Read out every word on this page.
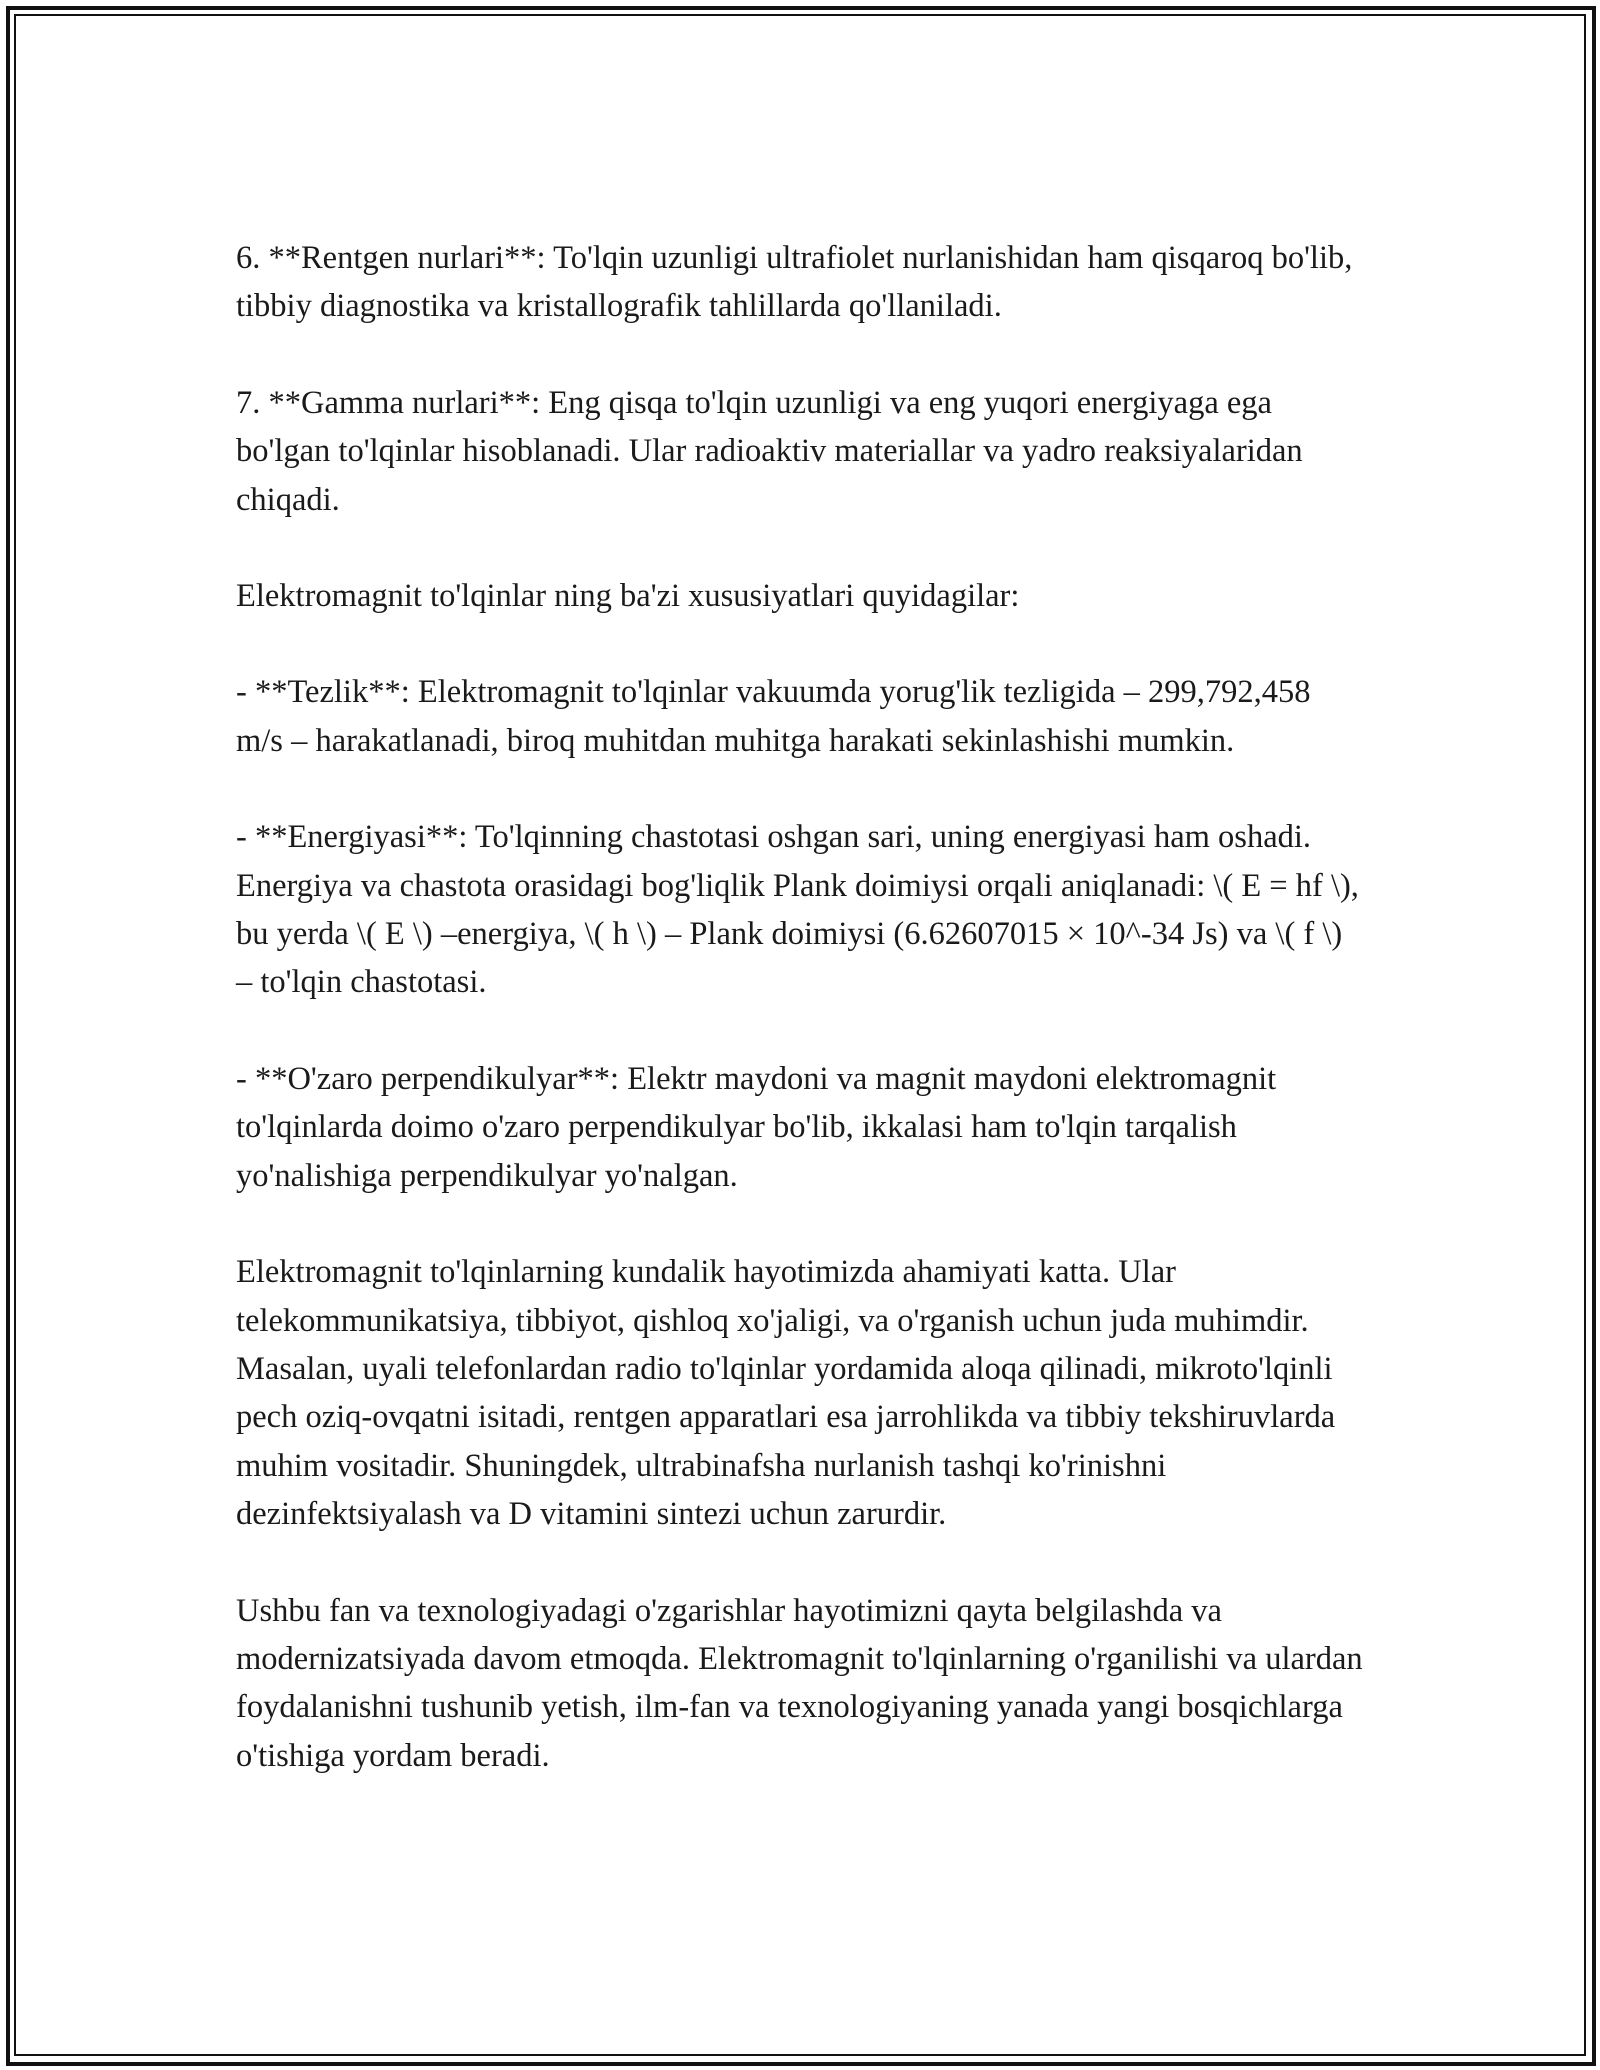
6. **Rentgen nurlari**: To'lqin uzunligi ultrafiolet nurlanishidan ham qisqaroq bo'lib, tibbiy diagnostika va kristallografik tahlillarda qo'llaniladi.

7. **Gamma nurlari**: Eng qisqa to'lqin uzunligi va eng yuqori energiyaga ega bo'lgan to'lqinlar hisoblanadi. Ular radioaktiv materiallar va yadro reaksiyalaridan chiqadi.

Elektromagnit to'lqinlar ning ba'zi xususiyatlari quyidagilar:

- **Tezlik**: Elektromagnit to'lqinlar vakuumda yorug'lik tezligida – 299,792,458 m/s – harakatlanadi, biroq muhitdan muhitga harakati sekinlashishi mumkin.

- **Energiyasi**: To'lqinning chastotasi oshgan sari, uning energiyasi ham oshadi. Energiya va chastota orasidagi bog'liqlik Plank doimiysi orqali aniqlanadi: \( E = hf \), bu yerda \( E \) –energiya, \( h \) – Plank doimiysi (6.62607015 × 10^-34 Js) va \( f \) – to'lqin chastotasi.

- **O'zaro perpendikulyar**: Elektr maydoni va magnit maydoni elektromagnit to'lqinlarda doimo o'zaro perpendikulyar bo'lib, ikkalasi ham to'lqin tarqalish yo'nalishiga perpendikulyar yo'nalgan.

Elektromagnit to'lqinlarning kundalik hayotimizda ahamiyati katta. Ular telekommunikatsiya, tibbiyot, qishloq xo'jaligi, va o'rganish uchun juda muhimdir. Masalan, uyali telefonlardan radio to'lqinlar yordamida aloqa qilinadi, mikroto'lqinli pech oziq-ovqatni isitadi, rentgen apparatlari esa jarrohlikda va tibbiy tekshiruvlarda muhim vositadir. Shuningdek, ultrabinafsha nurlanish tashqi ko'rinishni dezinfektsiyalash va D vitamini sintezi uchun zarurdir.

Ushbu fan va texnologiyadagi o'zgarishlar hayotimizni qayta belgilashda va modernizatsiyada davom etmoqda. Elektromagnit to'lqinlarning o'rganilishi va ulardan foydalanishni tushunib yetish, ilm-fan va texnologiyaning yanada yangi bosqichlarga o'tishiga yordam beradi.
